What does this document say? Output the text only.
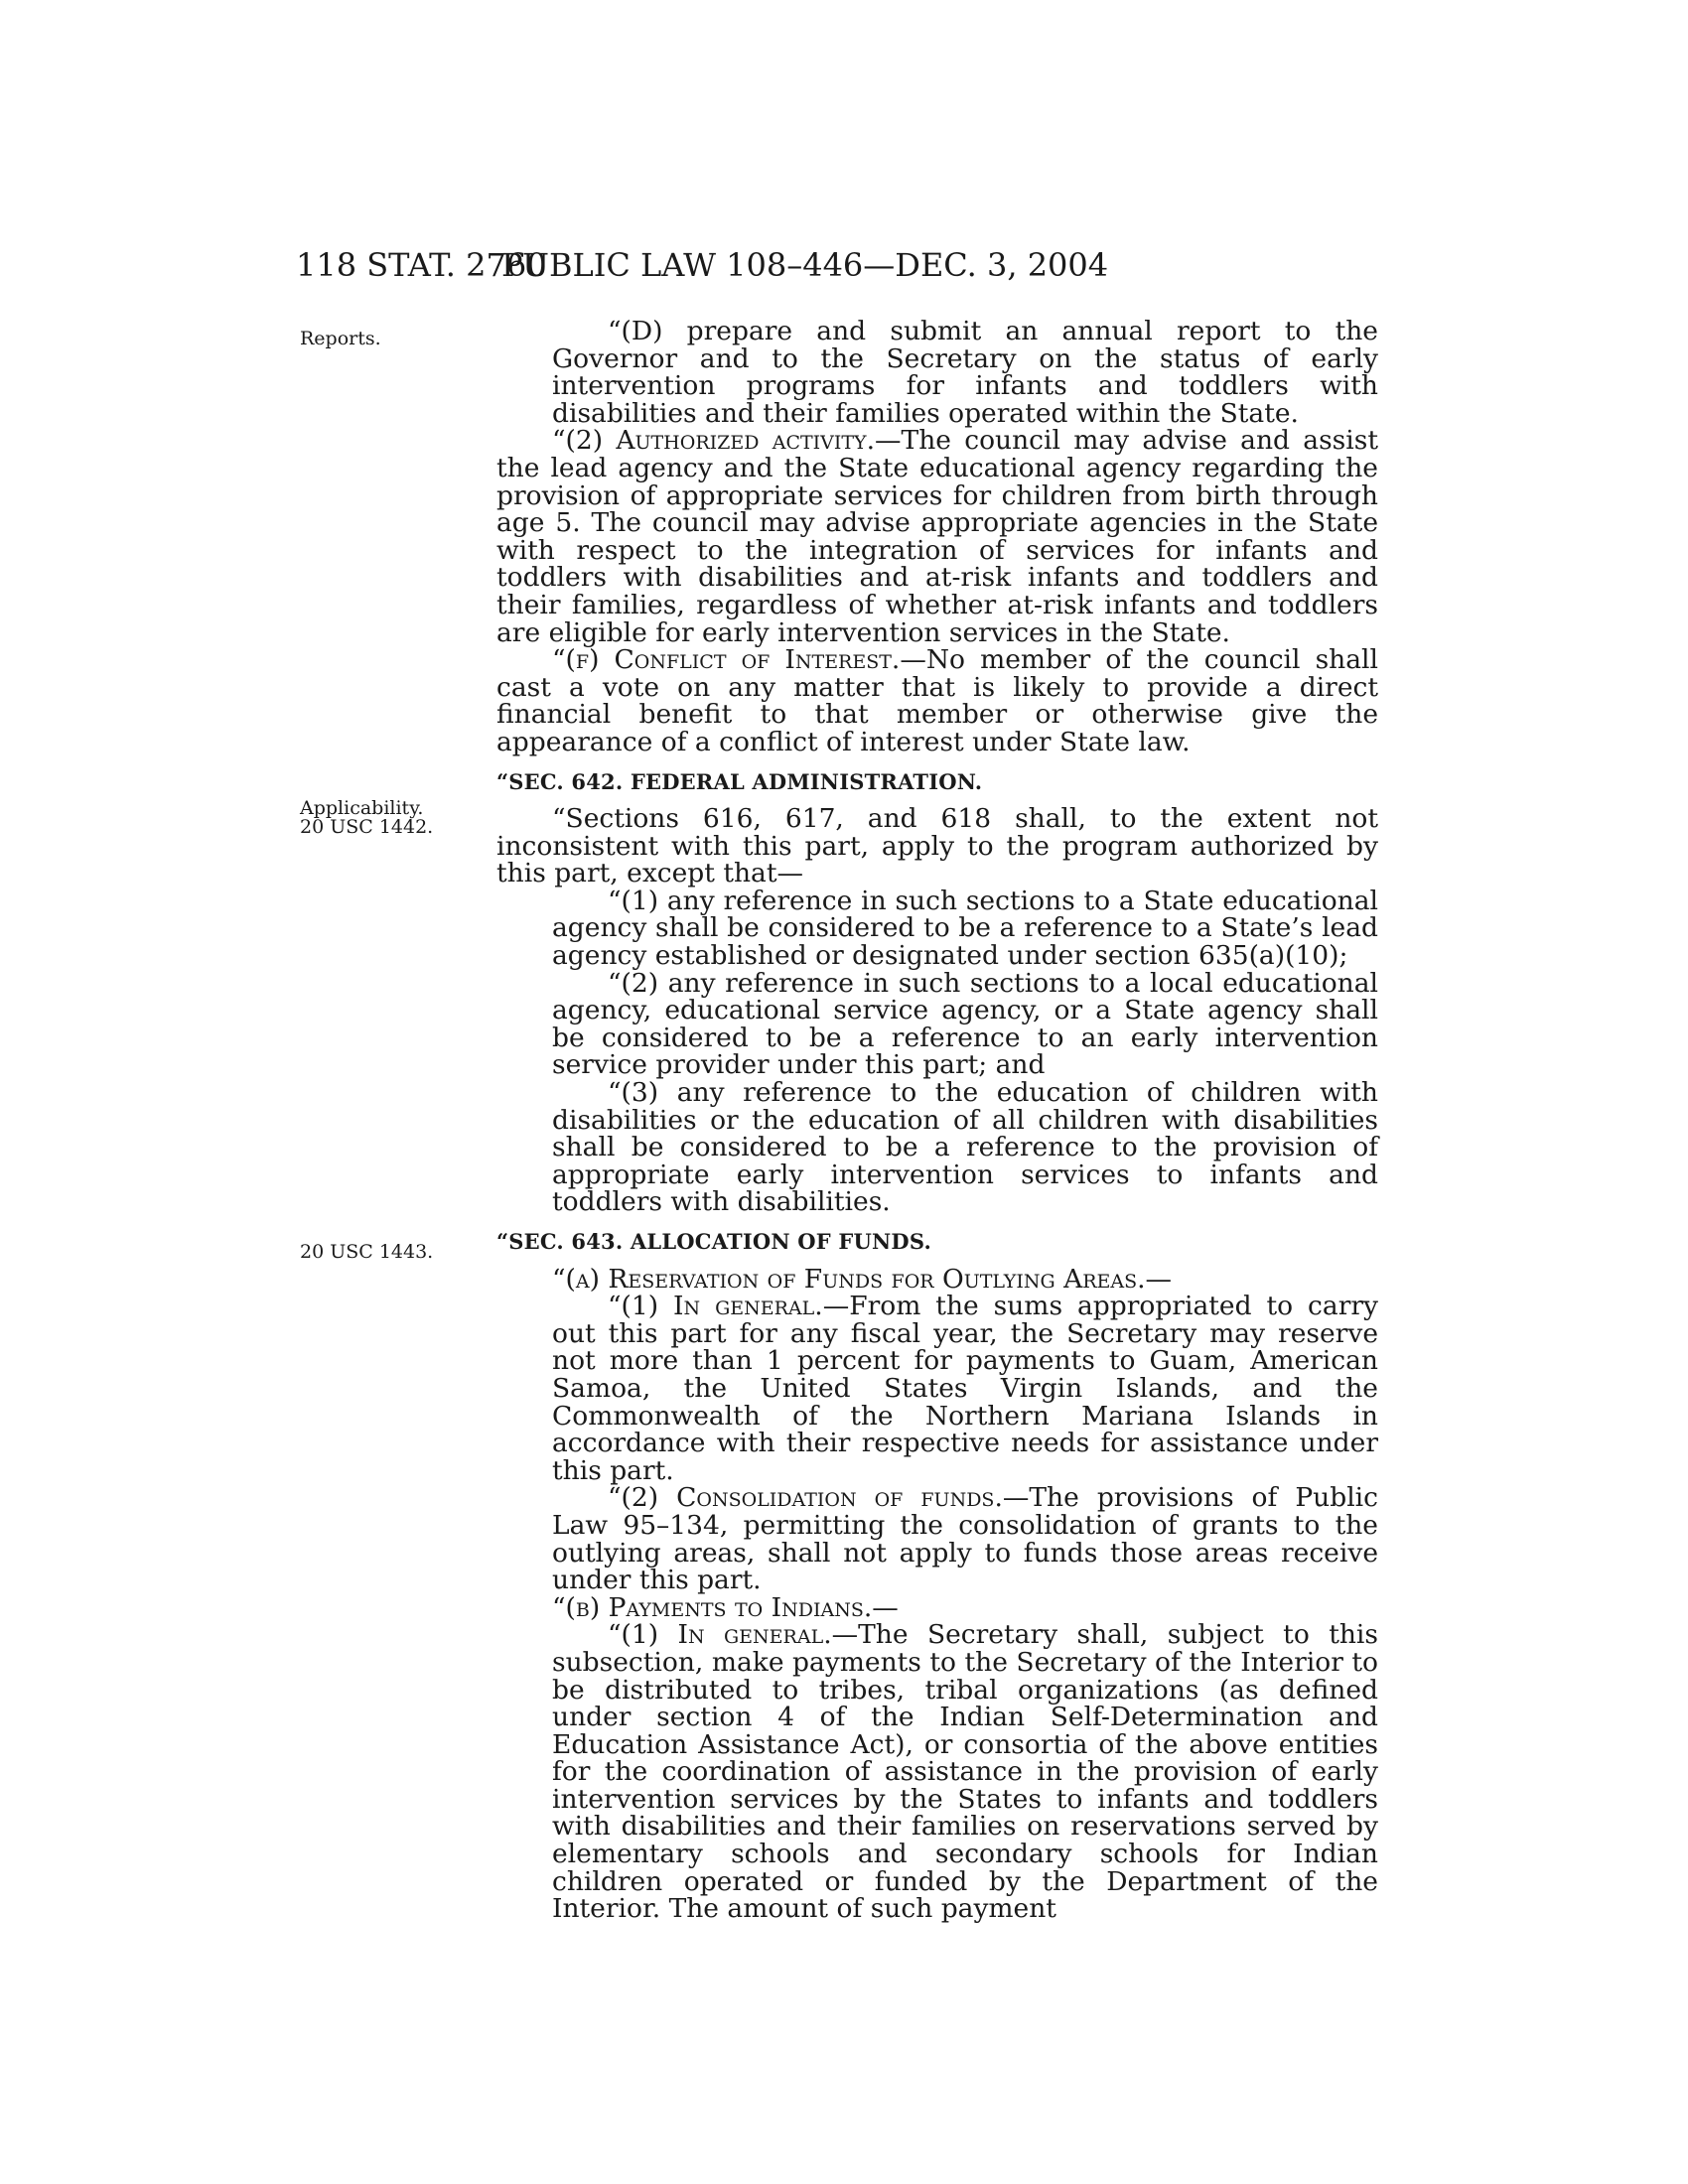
118 STAT. 2760
PUBLIC LAW 108–446—DEC. 3, 2004
Reports.
Applicability.
20 USC 1442.
20 USC 1443.

“(D) prepare and submit an annual report to the Governor and to the Secretary on the status of early intervention programs for infants and toddlers with disabilities and their families operated within the State.

“(2) Authorized activity.—The council may advise and assist the lead agency and the State educational agency regarding the provision of appropriate services for children from birth through age 5. The council may advise appropriate agencies in the State with respect to the integration of services for infants and toddlers with disabilities and at-risk infants and toddlers and their families, regardless of whether at-risk infants and toddlers are eligible for early intervention services in the State.

“(f) Conflict of Interest.—No member of the council shall cast a vote on any matter that is likely to provide a direct financial benefit to that member or otherwise give the appearance of a conflict of interest under State law.

“SEC. 642. FEDERAL ADMINISTRATION.

“Sections 616, 617, and 618 shall, to the extent not inconsistent with this part, apply to the program authorized by this part, except that—

“(1) any reference in such sections to a State educational agency shall be considered to be a reference to a State’s lead agency established or designated under section 635(a)(10);

“(2) any reference in such sections to a local educational agency, educational service agency, or a State agency shall be considered to be a reference to an early intervention service provider under this part; and

“(3) any reference to the education of children with disabilities or the education of all children with disabilities shall be considered to be a reference to the provision of appropriate early intervention services to infants and toddlers with disabilities.

“SEC. 643. ALLOCATION OF FUNDS.

“(a) Reservation of Funds for Outlying Areas.—

“(1) In general.—From the sums appropriated to carry out this part for any fiscal year, the Secretary may reserve not more than 1 percent for payments to Guam, American Samoa, the United States Virgin Islands, and the Commonwealth of the Northern Mariana Islands in accordance with their respective needs for assistance under this part.

“(2) Consolidation of funds.—The provisions of Public Law 95–134, permitting the consolidation of grants to the outlying areas, shall not apply to funds those areas receive under this part.

“(b) Payments to Indians.—

“(1) In general.—The Secretary shall, subject to this subsection, make payments to the Secretary of the Interior to be distributed to tribes, tribal organizations (as defined under section 4 of the Indian Self-Determination and Education Assistance Act), or consortia of the above entities for the coordination of assistance in the provision of early intervention services by the States to infants and toddlers with disabilities and their families on reservations served by elementary schools and secondary schools for Indian children operated or funded by the Department of the Interior. The amount of such payment
